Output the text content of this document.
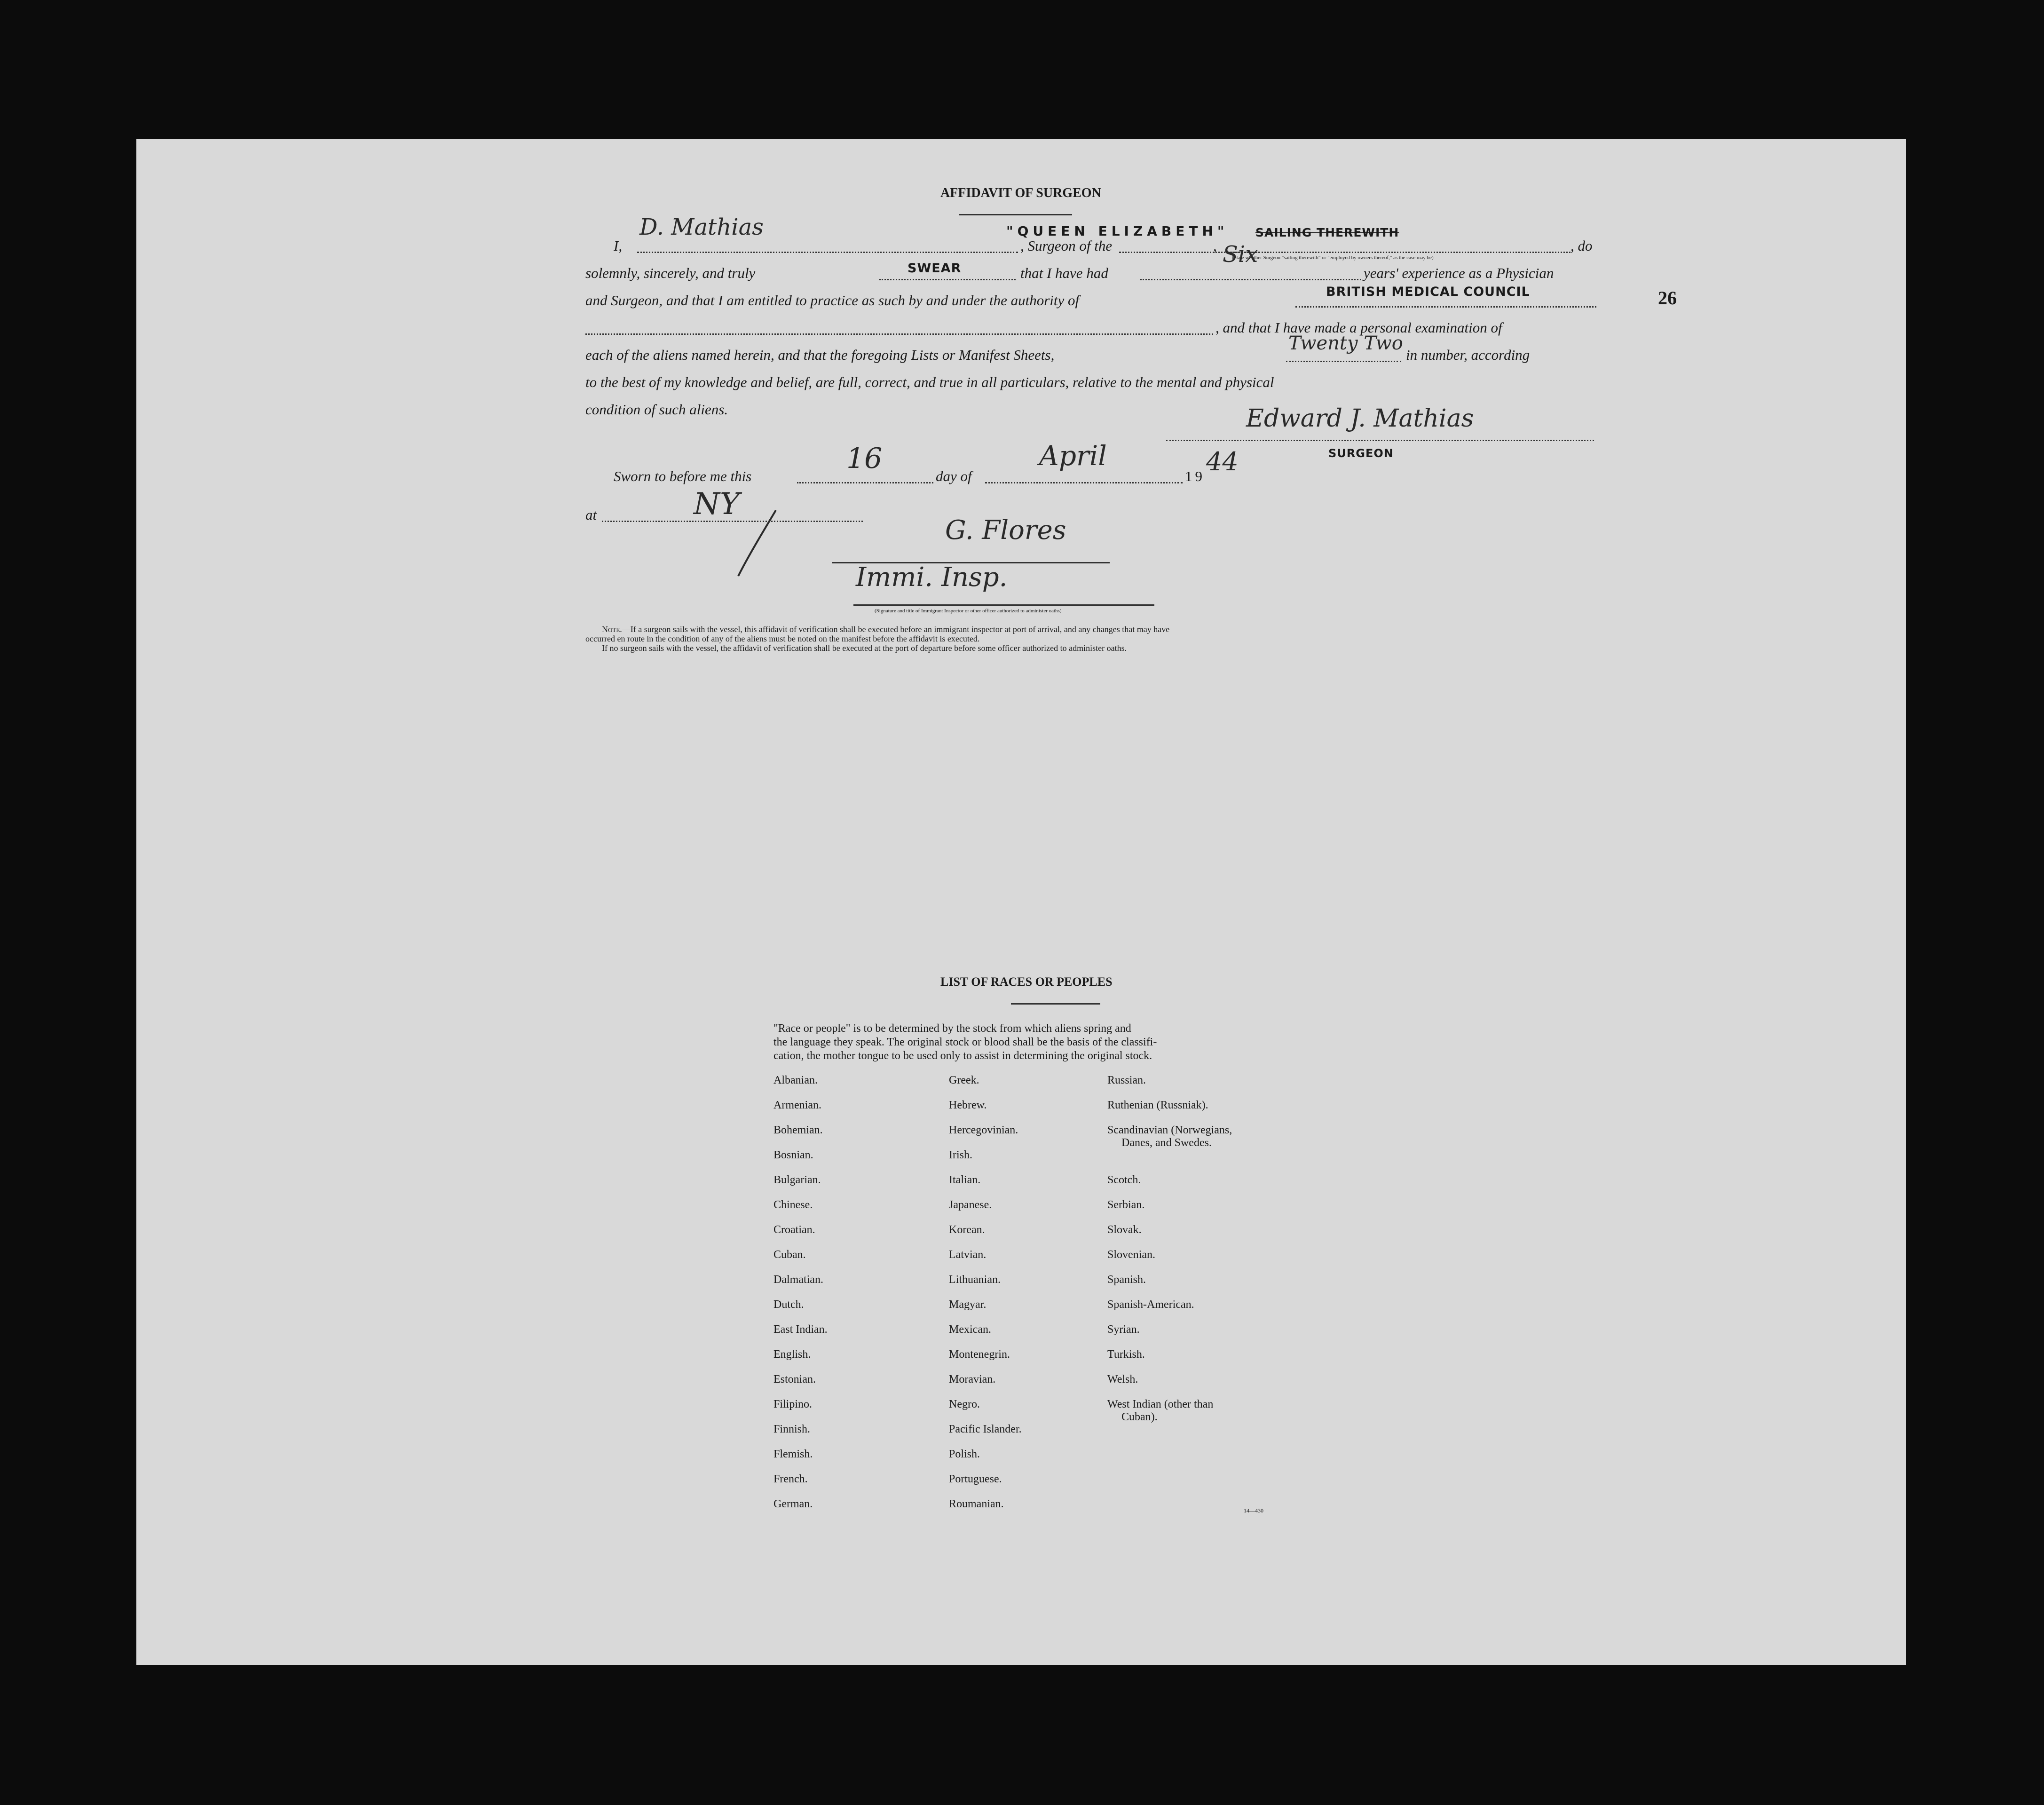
AFFIDAVIT OF SURGEON
26
I,
D. Mathias
, Surgeon of the
"QUEEN ELIZABETH"
,
SAILING THEREWITH
(State whether Surgeon "sailing therewith" or "employed by owners thereof," as the case may be)
, do
solemnly, sincerely, and truly	SWEAR	that I have had
Six
years' experience as a Physician
and Surgeon, and that I am entitled to practice as such by and under the authority of
BRITISH MEDICAL COUNCIL
, and that I have made a personal examination of
each of the aliens named herein, and that the foregoing Lists or Manifest Sheets,
Twenty Two
in number, according
to the best of my knowledge and belief, are full, correct, and true in all particulars, relative to the mental and physical
condition of such aliens.	Edward J. Mathias
SURGEON
Sworn to before me this
16
day of
April
19 44
at	NY
G. Flores
Immi. Insp.
(Signature and title of Immigrant Inspector or other officer authorized to administer oaths)
Note.—If a surgeon sails with the vessel, this affidavit of verification shall be executed before an immigrant inspector at port of arrival, and any changes that may have
occurred en route in the condition of any of the aliens must be noted on the manifest before the affidavit is executed.
If no surgeon sails with the vessel, the affidavit of verification shall be executed at the port of departure before some officer authorized to administer oaths.
LIST OF RACES OR PEOPLES
"Race or people" is to be determined by the stock from which aliens spring and
the language they speak. The original stock or blood shall be the basis of the classifi-
cation, the mother tongue to be used only to assist in determining the original stock.
Albanian.
Armenian.
Bohemian.
Bosnian.
Bulgarian.
Chinese.
Croatian.
Cuban.
Dalmatian.
Dutch.
East Indian.
English.
Estonian.
Filipino.
Finnish.
Flemish.
French.
German.
Greek.
Hebrew.
Hercegovinian.
Irish.
Italian.
Japanese.
Korean.
Latvian.
Lithuanian.
Magyar.
Mexican.
Montenegrin.
Moravian.
Negro.
Pacific Islander.
Polish.
Portuguese.
Roumanian.
Russian.
Ruthenian (Russniak).
Scandinavian (Norwegians,
Danes, and Swedes.
Scotch.
Serbian.
Slovak.
Slovenian.
Spanish.
Spanish-American.
Syrian.
Turkish.
Welsh.
West Indian (other than
Cuban).
14—430
